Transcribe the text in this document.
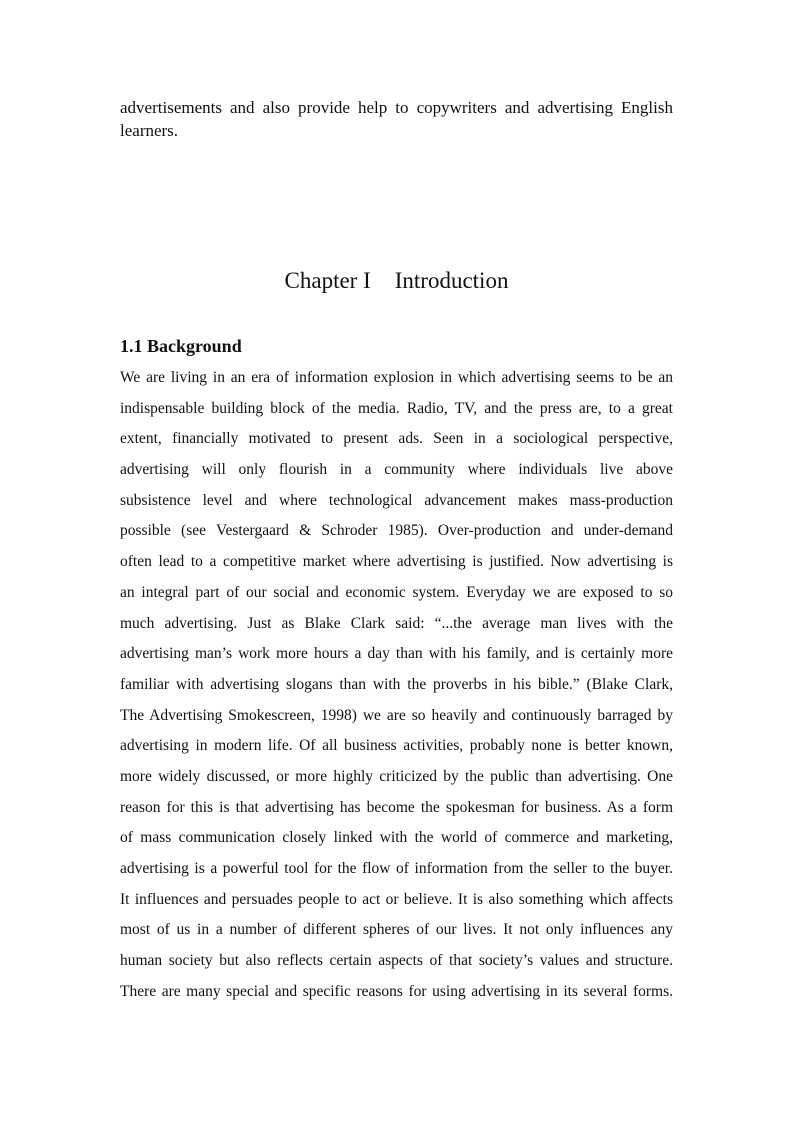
advertisements and also provide help to copywriters and advertising English learners.

Chapter I Introduction
1.1 Background
We are living in an era of information explosion in which advertising seems to be an
indispensable building block of the media. Radio, TV, and the press are, to a great
extent, financially motivated to present ads. Seen in a sociological perspective,
advertising will only flourish in a community where individuals live above
subsistence level and where technological advancement makes mass-production
possible (see Vestergaard & Schroder 1985). Over-production and under-demand
often lead to a competitive market where advertising is justified. Now advertising is
an integral part of our social and economic system. Everyday we are exposed to so
much advertising. Just as Blake Clark said: “...the average man lives with the
advertising man’s work more hours a day than with his family, and is certainly more
familiar with advertising slogans than with the proverbs in his bible.” (Blake Clark,
The Advertising Smokescreen, 1998) we are so heavily and continuously barraged by
advertising in modern life. Of all business activities, probably none is better known,
more widely discussed, or more highly criticized by the public than advertising. One
reason for this is that advertising has become the spokesman for business. As a form
of mass communication closely linked with the world of commerce and marketing,
advertising is a powerful tool for the flow of information from the seller to the buyer.
It influences and persuades people to act or believe. It is also something which affects
most of us in a number of different spheres of our lives. It not only influences any
human society but also reflects certain aspects of that society’s values and structure.
There are many special and specific reasons for using advertising in its several forms.
